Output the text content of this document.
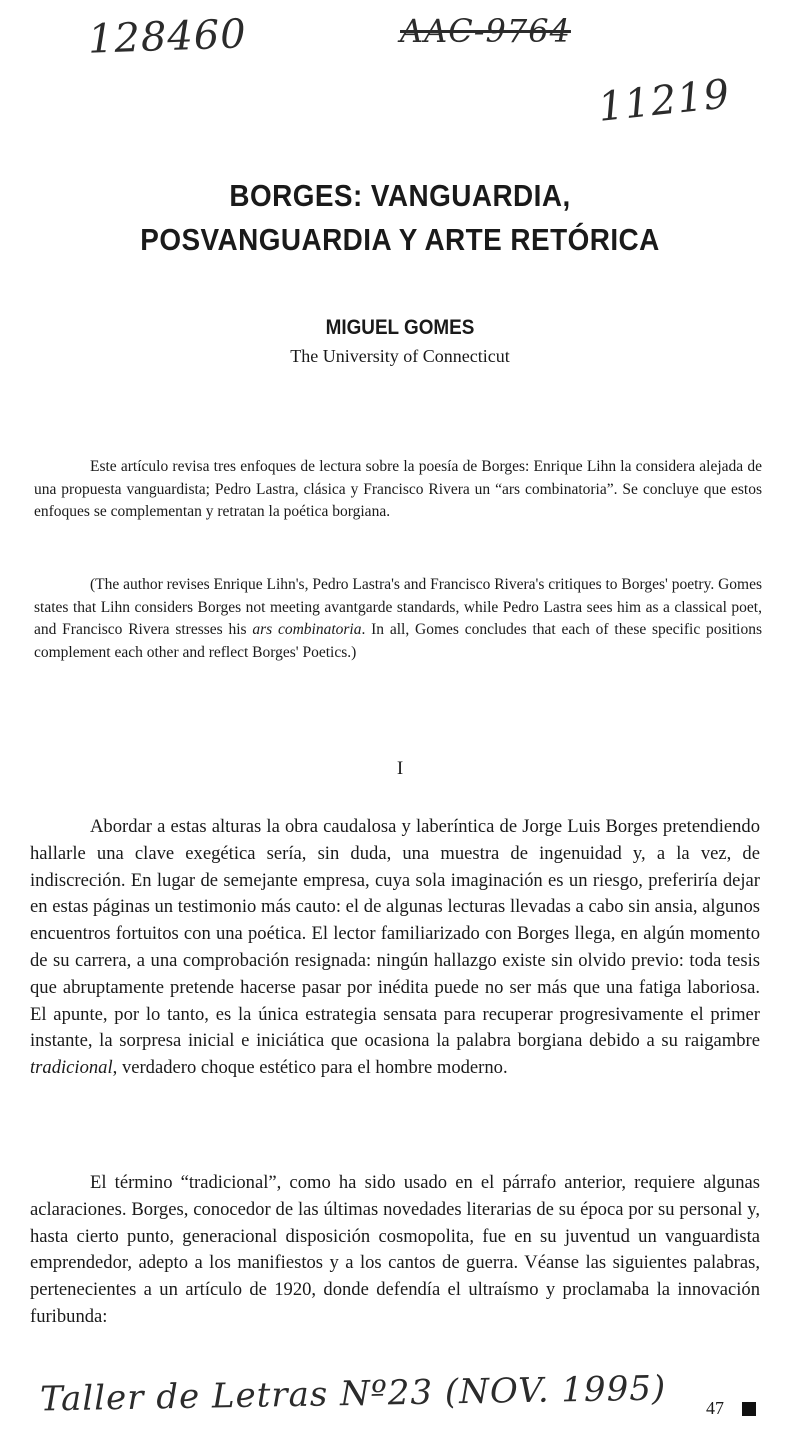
128460	AAC-9764
11219
BORGES: VANGUARDIA,
POSVANGUARDIA Y ARTE RETÓRICA
MIGUEL GOMES
The University of Connecticut

Este artículo revisa tres enfoques de lectura sobre la poesía de Borges: Enrique Lihn la considera alejada de una propuesta vanguardista; Pedro Lastra, clásica y Francisco Rivera un “ars combinatoria”. Se concluye que estos enfoques se complementan y retratan la poética borgiana.

(The author revises Enrique Lihn's, Pedro Lastra's and Francisco Rivera's critiques to Borges' poetry. Gomes states that Lihn considers Borges not meeting avantgarde standards, while Pedro Lastra sees him as a classical poet, and Francisco Rivera stresses his ars combinatoria. In all, Gomes concludes that each of these specific positions complement each other and reflect Borges' Poetics.)

I

Abordar a estas alturas la obra caudalosa y laberíntica de Jorge Luis Borges pretendiendo hallarle una clave exegética sería, sin duda, una muestra de ingenuidad y, a la vez, de indiscreción. En lugar de semejante empresa, cuya sola imaginación es un riesgo, preferiría dejar en estas páginas un testimonio más cauto: el de algunas lecturas llevadas a cabo sin ansia, algunos encuentros fortuitos con una poética. El lector familiarizado con Borges llega, en algún momento de su carrera, a una comprobación resignada: ningún hallazgo existe sin olvido previo: toda tesis que abruptamente pretende hacerse pasar por inédita puede no ser más que una fatiga laboriosa. El apunte, por lo tanto, es la única estrategia sensata para recuperar progresivamente el primer instante, la sorpresa inicial e iniciática que ocasiona la palabra borgiana debido a su raigambre tradicional, verdadero choque estético para el hombre moderno.

El término “tradicional”, como ha sido usado en el párrafo anterior, requiere algunas aclaraciones. Borges, conocedor de las últimas novedades literarias de su época por su personal y, hasta cierto punto, generacional disposición cosmopolita, fue en su juventud un vanguardista emprendedor, adepto a los manifiestos y a los cantos de guerra. Véanse las siguientes palabras, pertenecientes a un artículo de 1920, donde defendía el ultraísmo y proclamaba la innovación furibunda:

Taller de Letras Nº23 (NOV. 1995) 47
